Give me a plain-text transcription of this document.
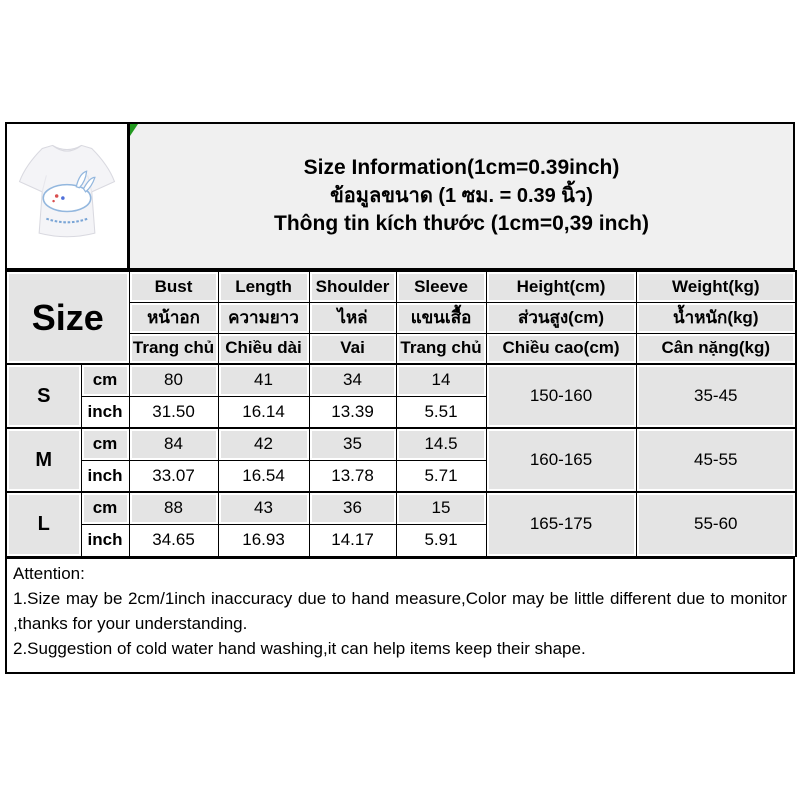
Size Information(1cm=0.39inch)
ข้อมูลขนาด (1 ซม. = 0.39 นิ้ว)
Thông tin kích thước (1cm=0,39 inch)
Size		Bust	Length	Shoulder	Sleeve	Height(cm)	Weight(kg)
		หน้าอก	ความยาว	ไหล่	แขนเสื้อ	ส่วนสูง(cm)	น้ำหนัก(kg)
		Trang chủ	Chiều dài	Vai	Trang chủ	Chiều cao(cm)	Cân nặng(kg)
S	cm	80	41	34	14	150-160	35-45
	inch	31.50	16.14	13.39	5.51		
M	cm	84	42	35	14.5	160-165	45-55
	inch	33.07	16.54	13.78	5.71		
L	cm	88	43	36	15	165-175	55-60
	inch	34.65	16.93	14.17	5.91		
Attention:
1.Size may be 2cm/1inch inaccuracy due to hand measure,Color may be little different due to monitor ,thanks for your understanding.
2.Suggestion of cold water hand washing,it can help items keep their shape.
